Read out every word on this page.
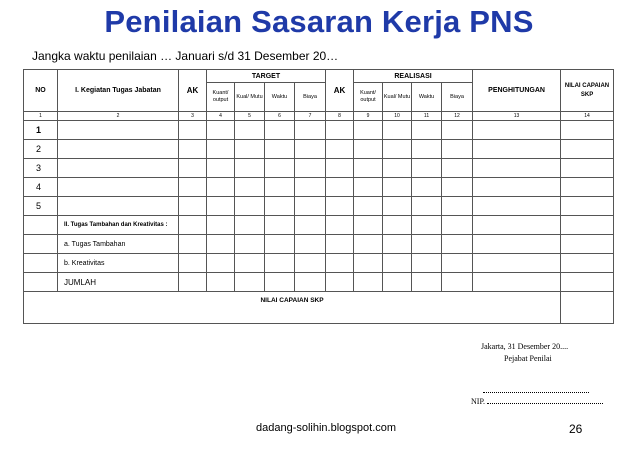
Penilaian Sasaran Kerja PNS
Jangka waktu penilaian … Januari s/d 31 Desember 20…
NO	I. Kegiatan Tugas Jabatan	AK	TARGET				AK	REALISASI				PENGHITUNGAN	NILAI CAPAIAN SKP
			Kuant/ output	Kual/ Mutu	Waktu	Biaya		Kuant/ output	Kual/ Mutu	Waktu	Biaya		
1	2	3	4	5	6	7	8	9	10	11	12	13	14
1													
2													
3													
4													
5													
	II. Tugas Tambahan dan Kreativitas :												
	a. Tugas Tambahan												
	b. Kreativitas												
	JUMLAH												
NILAI CAPAIAN SKP													
Jakarta, 31 Desember 20....
Pejabat Penilai
NIP.
dadang-solihin.blogspot.com	26
